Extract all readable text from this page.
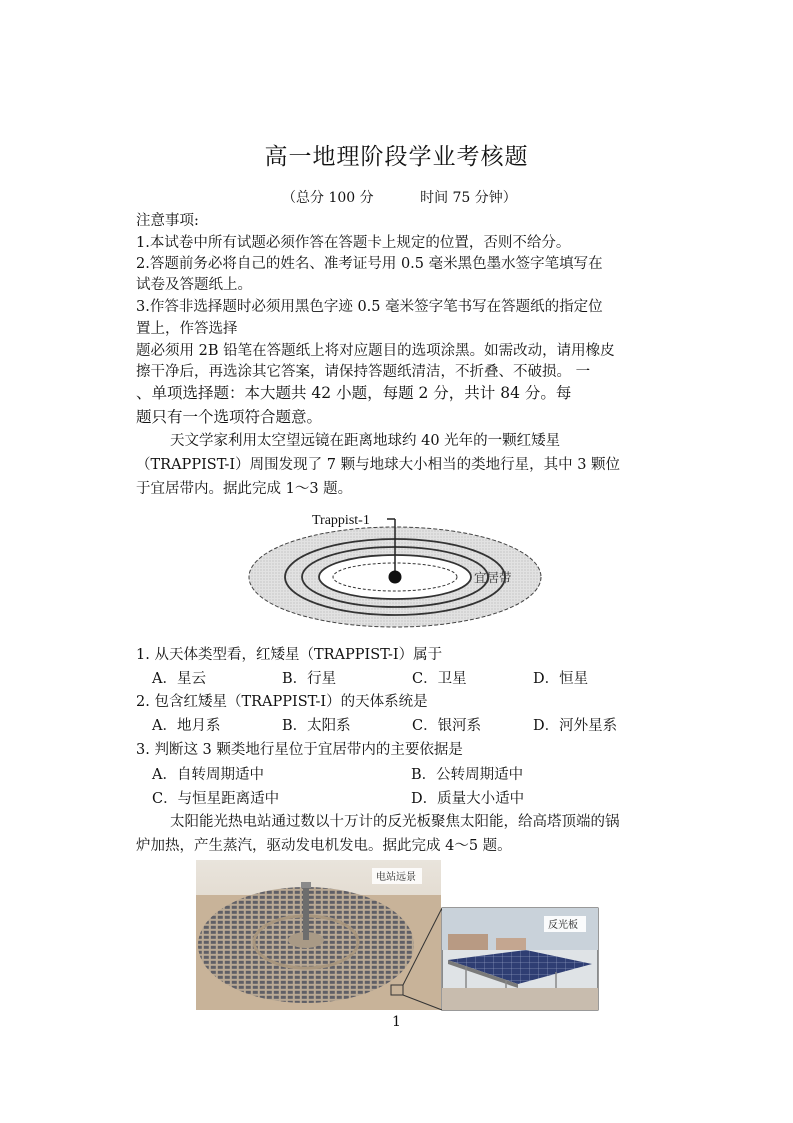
高一地理阶段学业考核题
（总分 100 分	时间 75 分钟）
注意事项:
1.本试卷中所有试题必须作答在答题卡上规定的位置，否则不给分。
2.答题前务必将自己的姓名、准考证号用 0.5 毫米黑色墨水签字笔填写在
试卷及答题纸上。
3.作答非选择题时必须用黑色字迹 0.5 毫米签字笔书写在答题纸的指定位
置上，作答选择
题必须用 2B 铅笔在答题纸上将对应题目的选项涂黑。如需改动，请用橡皮
擦干净后，再选涂其它答案，请保持答题纸清洁，不折叠、不破损。 一
、单项选择题：本大题共 42 小题，每题 2 分，共计 84 分。每
题只有一个选项符合题意。
天文学家利用太空望远镜在距离地球约 40 光年的一颗红矮星
（TRAPPIST-I）周围发现了 7 颗与地球大小相当的类地行星，其中 3 颗位
于宜居带内。据此完成 1～3 题。
Trappist-1
宜居带
1. 从天体类型看，红矮星（TRAPPIST-I）属于
A．星云	B．行星	C．卫星	D．恒星
2. 包含红矮星（TRAPPIST-I）的天体系统是
A．地月系	B．太阳系	C．银河系	D．河外星系
3. 判断这 3 颗类地行星位于宜居带内的主要依据是
A．自转周期适中	B．公转周期适中
C．与恒星距离适中	D．质量大小适中
太阳能光热电站通过数以十万计的反光板聚焦太阳能，给高塔顶端的锅
炉加热，产生蒸汽，驱动发电机发电。据此完成 4～5 题。
电站远景
反光板
1
